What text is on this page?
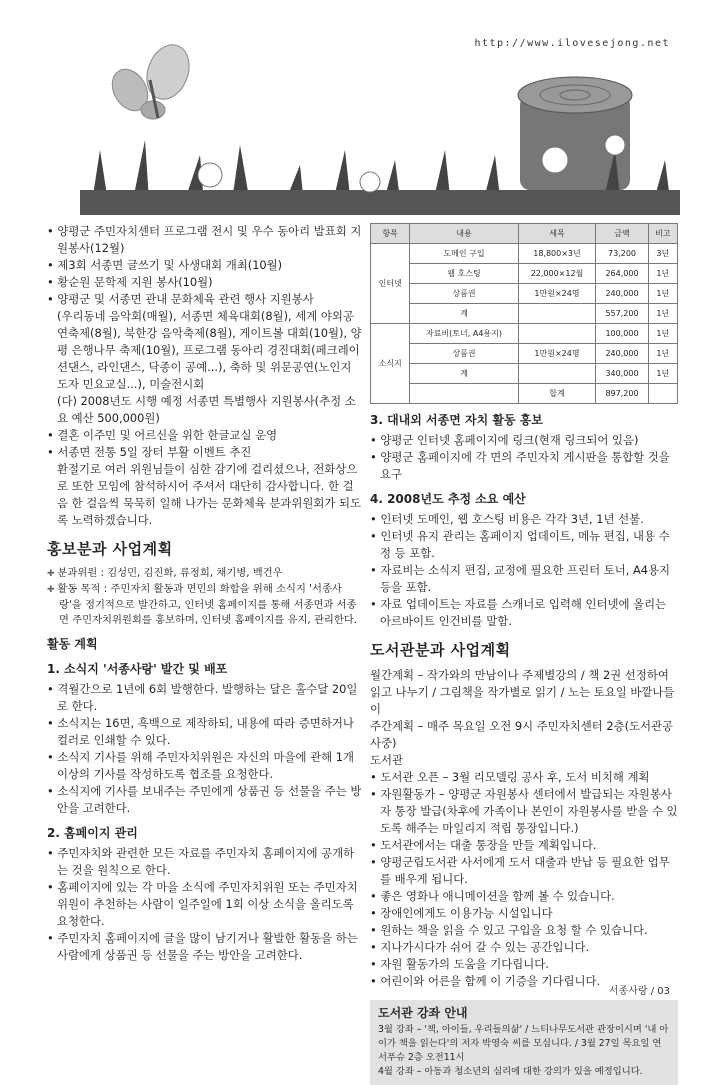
http://www.ilovesejong.net

• 양평군 주민자치센터 프로그램 전시 및 우수 동아리 발표회 지원봉사(12월)

• 제3회 서종면 글쓰기 및 사생대회 개최(10월)

• 황순원 문학제 지원 봉사(10월)

• 양평군 및 서종면 관내 문화체육 관련 행사 지원봉사

(우리동네 음악회(매월), 서종면 체육대회(8월), 세계 야외공연축제(8월), 북한강 음악축제(8월), 게이트볼 대회(10월), 양평 은행나무 축제(10월), 프로그램 동아리 경진대회(페크레이션댄스, 라인댄스, 닥종이 공예...), 축하 및 위문공연(노인지도자 민요교실...), 미술전시회

(다) 2008년도 시행 예정 서종면 특별행사 지원봉사(추정 소요 예산 500,000원)

• 결혼 이주민 및 어르신을 위한 한글교실 운영

• 서종면 전통 5일 장터 부활 이벤트 추진

환절기로 여러 위원님들이 심한 감기에 걸리셨으나, 전화상으로 또한 모임에 참석하시어 주셔서 대단히 감사합니다. 한 걸음 한 걸음씩 묵묵히 일해 나가는 문화체육 분과위원회가 되도록 노력하겠습니다.

홍보분과 사업계획

✚ 분과위원 : 김성민, 김진화, 류정희, 채기병, 백건우

✚ 활동 목적 : 주민자치 활동과 면민의 화합을 위해 소식지 '서종사랑'을 정기적으로 발간하고, 인터넷 홈페이지를 통해 서종면과 서종면 주민자치위원회를 홍보하며, 인터넷 홈페이지를 유지, 관리한다.

활동 계획
1. 소식지 '서종사랑' 발간 및 배포

• 격월간으로 1년에 6회 발행한다. 발행하는 달은 홀수달 20일로 한다.

• 소식지는 16면, 흑백으로 제작하되, 내용에 따라 증면하거나 컬러로 인쇄할 수 있다.

• 소식지 기사를 위해 주민자치위원은 자신의 마을에 관해 1개 이상의 기사를 작성하도록 협조를 요청한다.

• 소식지에 기사를 보내주는 주민에게 상품권 등 선물을 주는 방안을 고려한다.

2. 홈페이지 관리

• 주민자치와 관련한 모든 자료를 주민자치 홈페이지에 공개하는 것을 원칙으로 한다.

• 홈페이지에 있는 각 마을 소식에 주민자치위원 또는 주민자치위원이 추천하는 사람이 일주일에 1회 이상 소식을 올리도록 요청한다.

• 주민자치 홈페이지에 글을 많이 남기거나 활발한 활동을 하는 사람에게 상품권 등 선물을 주는 방안을 고려한다.

항목	내용	세목	금액	비고
인터넷	도메인 구입	18,800×3년	73,200	3년
	웹 호스팅	22,000×12월	264,000	1년
	상품권	1만원×24명	240,000	1년
	계		557,200	1년
소식지	자료비(토너, A4용지)		100,000	1년
	상품권	1만원×24명	240,000	1년
	계		340,000	1년
		합계	897,200	
3. 대내외 서종면 자치 활동 홍보

• 양평군 인터넷 홈페이지에 링크(현재 링크되어 있음)

• 양평군 홈페이지에 각 면의 주민자치 게시판을 통합할 것을 요구

4. 2008년도 추정 소요 예산

• 인터넷 도메인, 웹 호스팅 비용은 각각 3년, 1년 선불.

• 인터넷 유지 관리는 홈페이지 업데이트, 메뉴 편집, 내용 수정 등 포함.

• 자료비는 소식지 편집, 교정에 필요한 프린터 토너, A4용지 등을 포함.

• 자료 업데이트는 자료를 스캐너로 입력해 인터넷에 올리는 아르바이트 인건비를 말함.

도서관분과 사업계획

월간계획 – 작가와의 만남이나 주제별강의 / 책 2권 선정하여 읽고 나누기 / 그림책을 작가별로 읽기 / 노는 토요일 바깥나들이

주간계획 – 매주 목요일 오전 9시 주민자치센터 2층(도서관공사중)

도서관

• 도서관 오픈 – 3월 리모델링 공사 후, 도서 비치해 계획

• 자원활동가 – 양평군 자원봉사 센터에서 발급되는 자원봉사자 통장 발급(차후에 가족이나 본인이 자원봉사를 받을 수 있도록 해주는 마일리지 적립 통장입니다.)

• 도서관에서는 대출 통장을 만들 계획입니다.

• 양평군립도서관 사서에게 도서 대출과 반납 등 필요한 업무를 배우게 됩니다.

• 좋은 영화나 애니메이션을 함께 볼 수 있습니다.

• 장애인에게도 이용가능 시설입니다

• 원하는 책을 읽을 수 있고 구입을 요청 할 수 있습니다.

• 지나가시다가 쉬어 갈 수 있는 공간입니다.

• 자원 활동가의 도움을 기다립니다.

• 어린이와 어른을 함께 이 기증을 기다립니다.

도서관 강좌 안내
3월 강좌 – '책, 아이들, 우리들의삶' / 느티나무도서관 관장이시며 '내 아이가 책을 읽는다'의 저자 박영숙 씨를 모십니다. / 3월 27일 목요일 연서푸슈 2층 오전11시
4월 강좌 – 아동과 청소년의 심리에 대한 강의가 있을 예정입니다.
서종사랑 / 03
